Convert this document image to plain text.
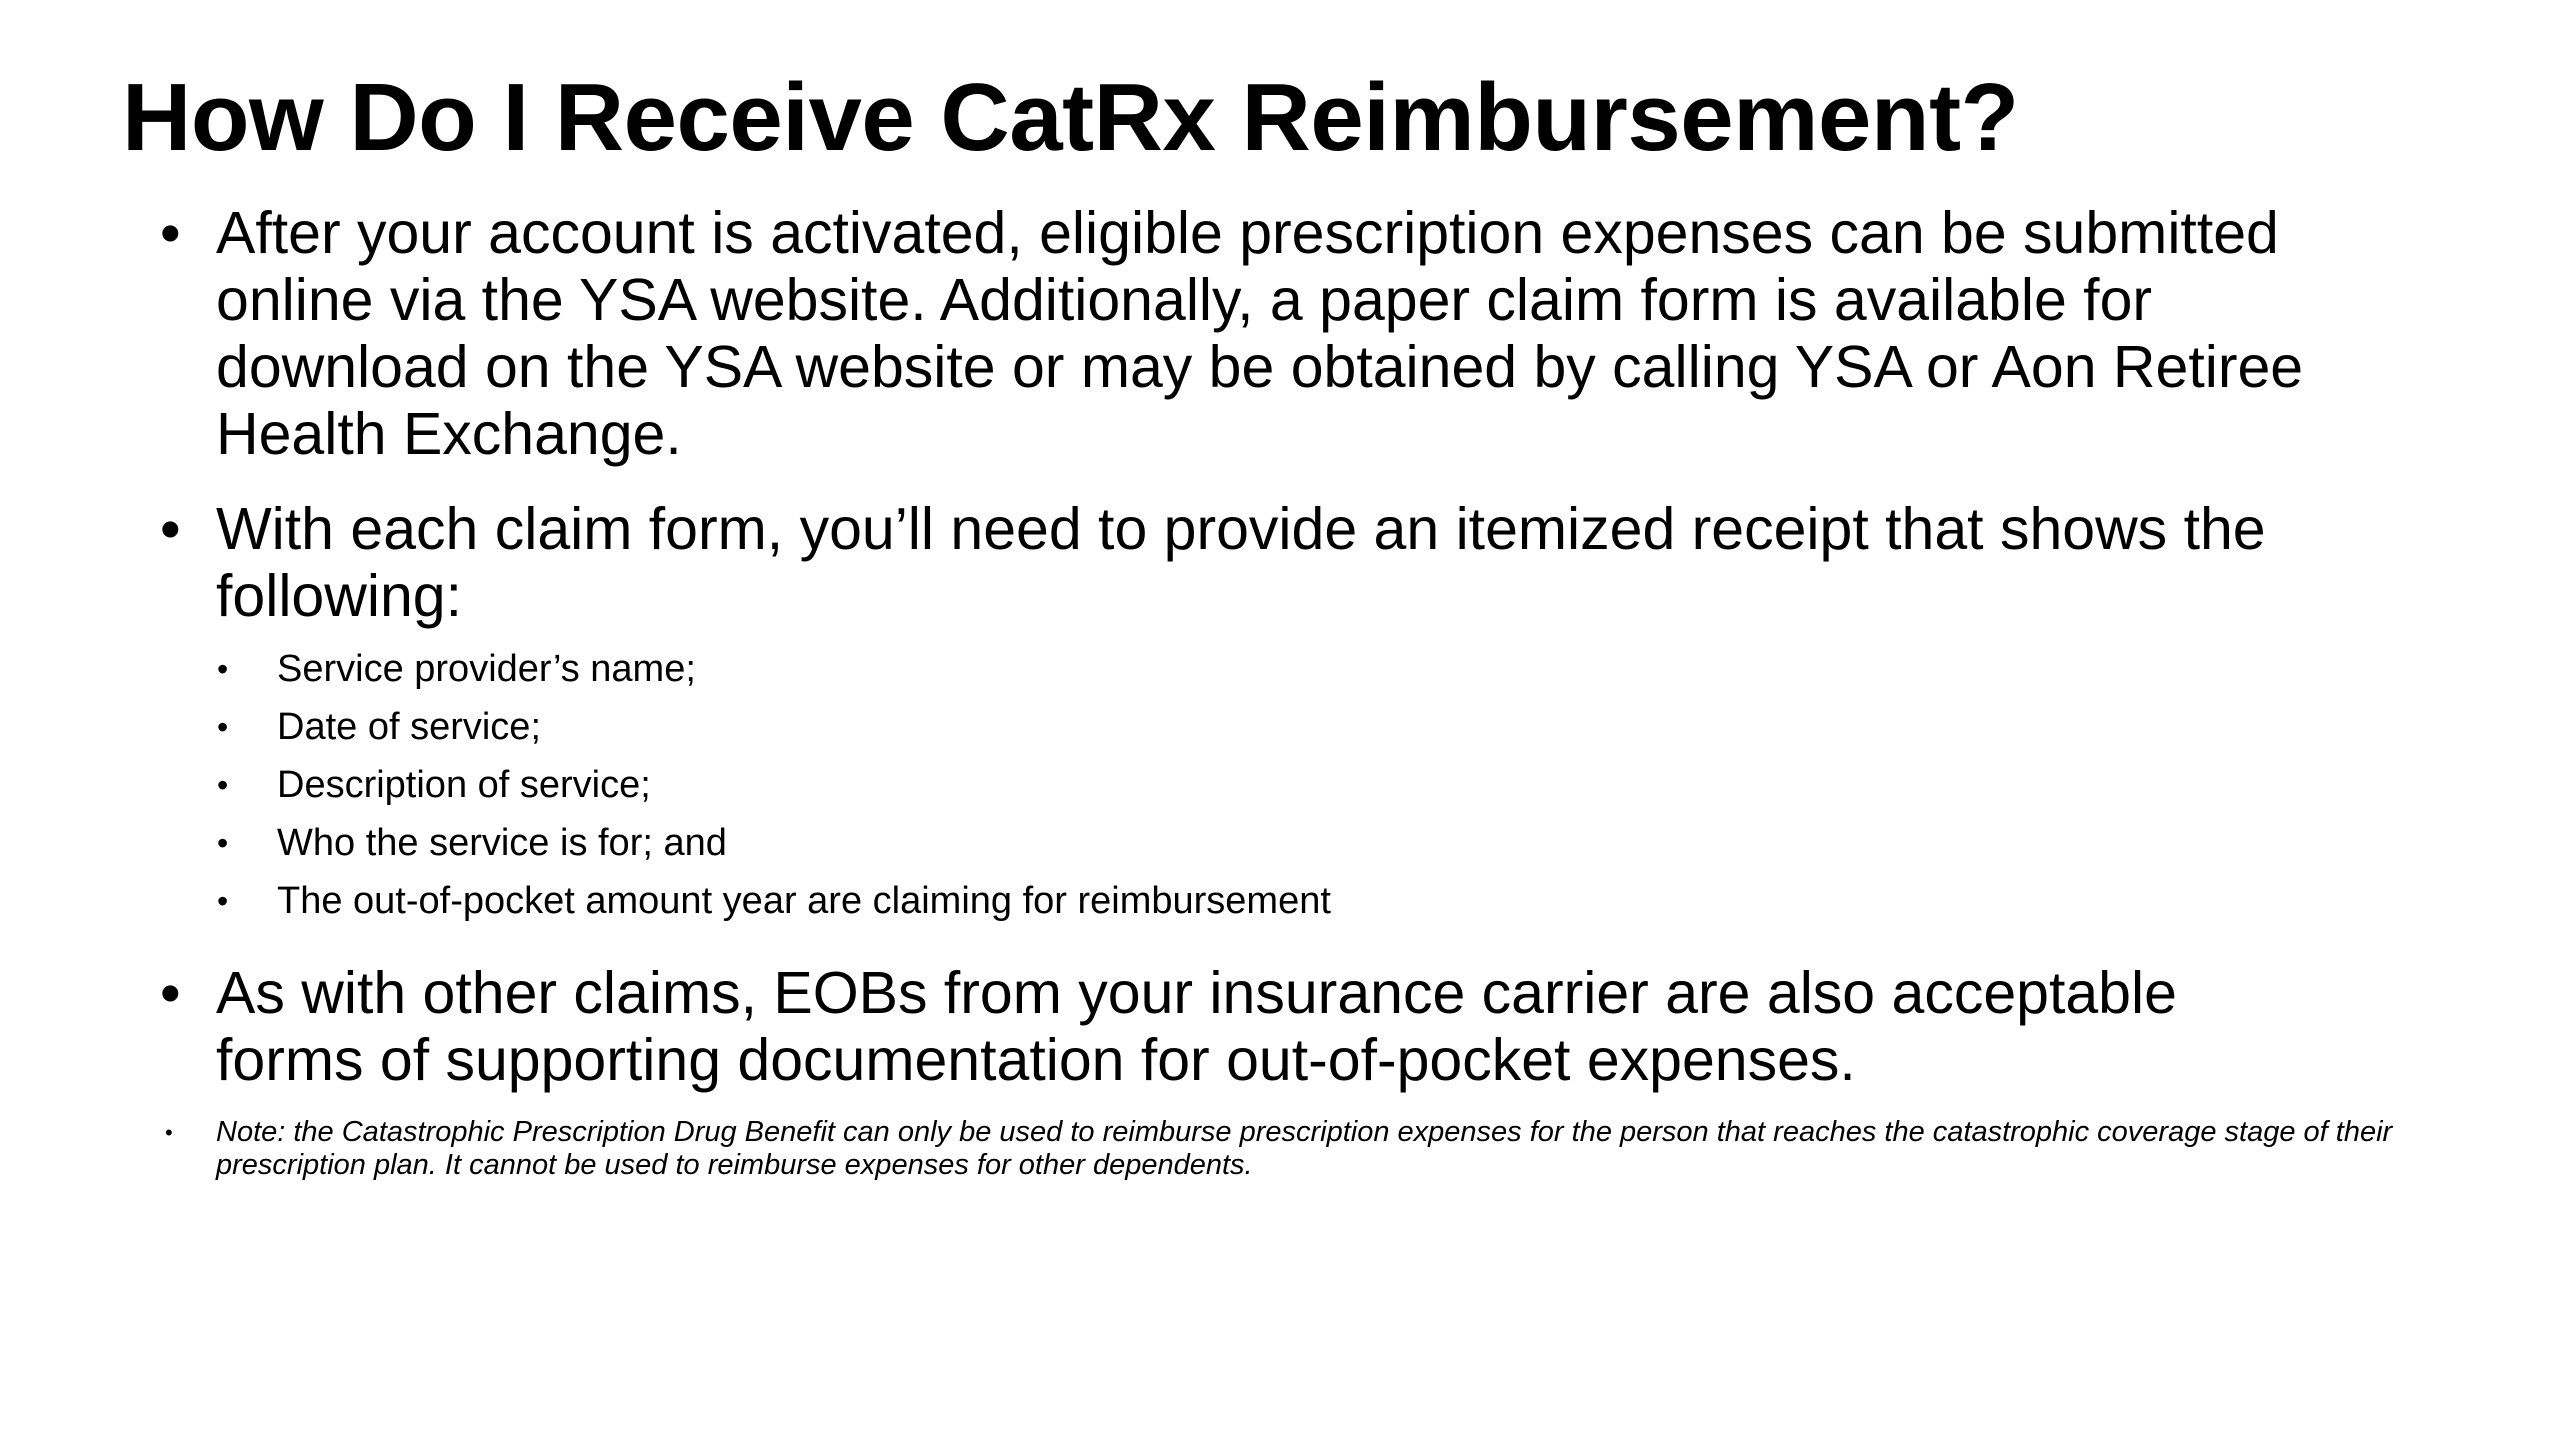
How Do I Receive CatRx Reimbursement?
• After your account is activated, eligible prescription expenses can be submitted online via the YSA website. Additionally, a paper claim form is available for download on the YSA website or may be obtained by calling YSA or Aon Retiree Health Exchange.
• With each claim form, you’ll need to provide an itemized receipt that shows the following:
• Service provider’s name;
• Date of service;
• Description of service;
• Who the service is for; and
• The out-of-pocket amount year are claiming for reimbursement
• As with other claims, EOBs from your insurance carrier are also acceptable forms of supporting documentation for out-of-pocket expenses.
• Note: the Catastrophic Prescription Drug Benefit can only be used to reimburse prescription expenses for the person that reaches the catastrophic coverage stage of their prescription plan. It cannot be used to reimburse expenses for other dependents.
